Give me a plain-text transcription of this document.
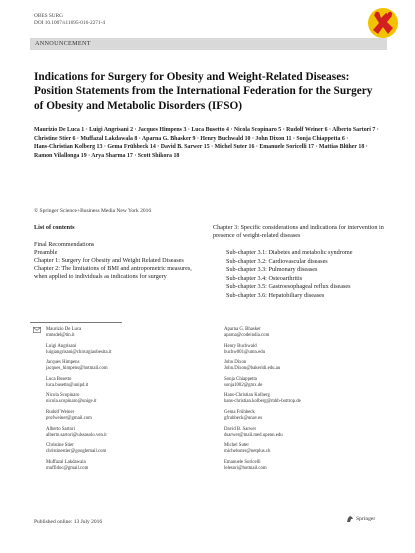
OBES SURG
DOI 10.1007/s11695-016-2271-4
ANNOUNCEMENT
Indications for Surgery for Obesity and Weight-Related Diseases: Position Statements from the International Federation for the Surgery of Obesity and Metabolic Disorders (IFSO)
Maurizio De Luca 1 · Luigi Angrisani 2 · Jacques Himpens 3 · Luca Busetto 4 · Nicola Scopinaro 5 · Rudolf Weiner 6 · Alberto Sartori 7 · Christine Stier 6 · Muffazal Lakdawala 8 · Aparna G. Bhasker 9 · Henry Buchwald 10 · John Dixon 11 · Sonja Chiappetta 6 · Hans-Christian Kolberg 13 · Gema Frühbeck 14 · David B. Sarwer 15 · Michel Suter 16 · Emanuele Soricelli 17 · Mattias Blüher 18 · Ramon Vilallonga 19 · Arya Sharma 17 · Scott Shikora 18
© Springer Science+Business Media New York 2016
List of contents
Final Recommendations
Preamble
Chapter 1: Surgery for Obesity and Weight Related Diseases
Chapter 2: The limitations of BMI and antropometric measures, when applied to individuals as indications for surgery
Chapter 3: Specific considerations and indications for intervention in presence of weight-related diseases
Sub-chapter 3.1: Diabetes and metabolic syndrome
Sub-chapter 3.2: Cardiovascular diseases
Sub-chapter 3.3: Pulmonary diseases
Sub-chapter 3.4: Osteoarthritis
Sub-chapter 3.5: Gastroesophageal reflux diseases
Sub-chapter 3.6: Hepatobiliary diseases
Maurizio De Luca
mmsdel@tin.it
Luigi Angrisani
luigiangrisani@chirurgiaobesita.it
Jacques Himpens
jacques_himpens@hotmail.com
Luca Busetto
luca.busetto@unipd.it
Nicola Scopinaro
nicola.scopinaro@unige.it
Rudolf Weiner
profweiner@gmail.com
Alberto Sartori
alberto.sartori@ulssasolo.ven.it
Christine Stier
christinestier@googlemail.com
Muffazal Lakdawala
muffidoc@gmail.com
Aparna G. Bhasker
aparna@codeindia.com
Henry Buchwald
buchw001@umn.edu
John Dixon
John.Dixon@bakeridi.edu.au
Sonja Chiappetta
sonja1002@gmx.de
Hans-Christian Kolberg
hans-christian.kolberg@mhb-bottrop.de
Gema Frühbeck
gfruhbeck@unav.es
David B. Sarwer
dsarwer@mail.med.upenn.edu
Michel Suter
michelsuter@netplus.ch
Emanuele Soricelli
lelesori@hotmail.com
Published online: 13 July 2016	Springer
